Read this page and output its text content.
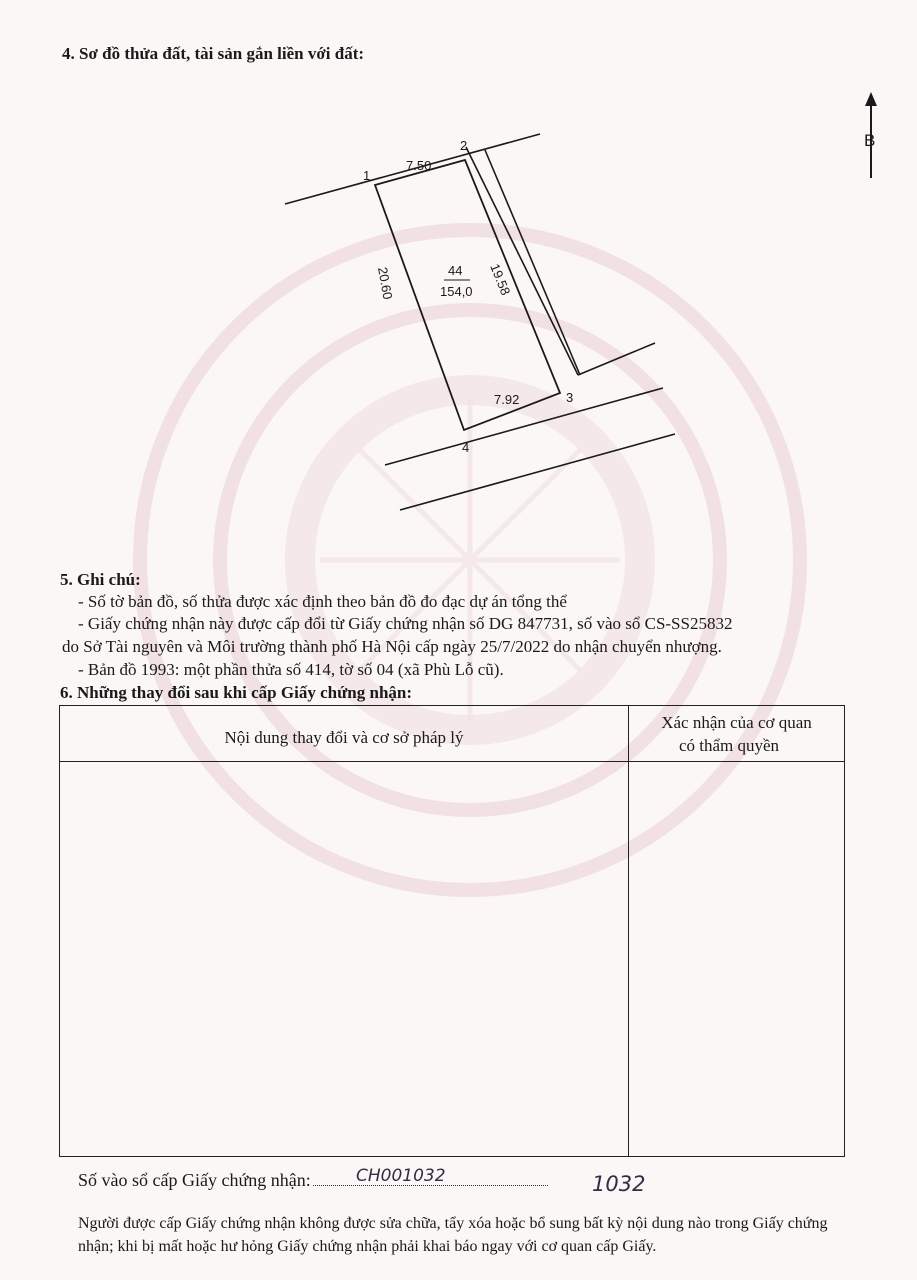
4. Sơ đồ thửa đất, tài sản gắn liền với đất:
B
1
2
3
4
7.50
19.58
7.92
20.60	44
154,0
5. Ghi chú:
- Số tờ bản đồ, số thửa được xác định theo bản đồ đo đạc dự án tổng thể
- Giấy chứng nhận này được cấp đổi từ Giấy chứng nhận số DG 847731, số vào sổ CS-SS25832
do Sở Tài nguyên và Môi trường thành phố Hà Nội cấp ngày 25/7/2022 do nhận chuyển nhượng.
- Bản đồ 1993: một phần thửa số 414, tờ số 04 (xã Phù Lỗ cũ).
6. Những thay đổi sau khi cấp Giấy chứng nhận:
Nội dung thay đổi và cơ sở pháp lý
Xác nhận của cơ quan
có thẩm quyền
Số vào sổ cấp Giấy chứng nhận:	CH001032	1032
Người được cấp Giấy chứng nhận không được sửa chữa, tẩy xóa hoặc bổ sung bất kỳ nội dung nào trong Giấy chứng nhận; khi bị mất hoặc hư hỏng Giấy chứng nhận phải khai báo ngay với cơ quan cấp Giấy.
